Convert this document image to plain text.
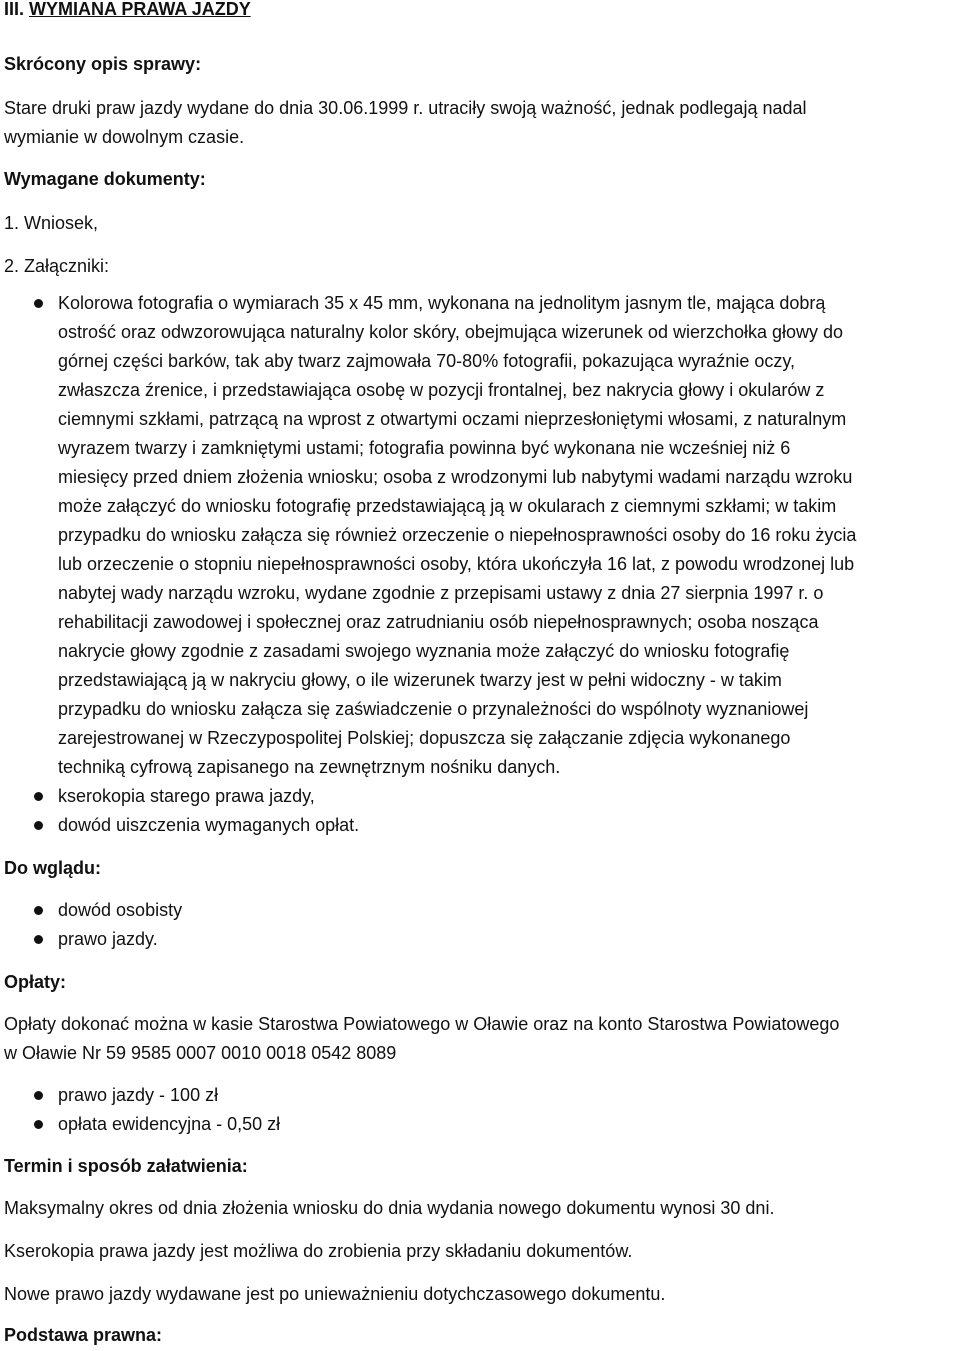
III. WYMIANA PRAWA JAZDY

Skrócony opis sprawy:

Stare druki praw jazdy wydane do dnia 30.06.1999 r. utraciły swoją ważność, jednak podlegają nadal

wymianie w dowolnym czasie.

Wymagane dokumenty:

1. Wniosek,

2. Załączniki:

Kolorowa fotografia o wymiarach 35 x 45 mm, wykonana na jednolitym jasnym tle, mająca dobrą
ostrość oraz odwzorowująca naturalny kolor skóry, obejmująca wizerunek od wierzchołka głowy do
górnej części barków, tak aby twarz zajmowała 70-80% fotografii, pokazująca wyraźnie oczy,
zwłaszcza źrenice, i przedstawiająca osobę w pozycji frontalnej, bez nakrycia głowy i okularów z
ciemnymi szkłami, patrzącą na wprost z otwartymi oczami nieprzesłoniętymi włosami, z naturalnym
wyrazem twarzy i zamkniętymi ustami; fotografia powinna być wykonana nie wcześniej niż 6
miesięcy przed dniem złożenia wniosku; osoba z wrodzonymi lub nabytymi wadami narządu wzroku
może załączyć do wniosku fotografię przedstawiającą ją w okularach z ciemnymi szkłami; w takim
przypadku do wniosku załącza się również orzeczenie o niepełnosprawności osoby do 16 roku życia
lub orzeczenie o stopniu niepełnosprawności osoby, która ukończyła 16 lat, z powodu wrodzonej lub
nabytej wady narządu wzroku, wydane zgodnie z przepisami ustawy z dnia 27 sierpnia 1997 r. o
rehabilitacji zawodowej i społecznej oraz zatrudnianiu osób niepełnosprawnych; osoba nosząca
nakrycie głowy zgodnie z zasadami swojego wyznania może załączyć do wniosku fotografię
przedstawiającą ją w nakryciu głowy, o ile wizerunek twarzy jest w pełni widoczny - w takim
przypadku do wniosku załącza się zaświadczenie o przynależności do wspólnoty wyznaniowej
zarejestrowanej w Rzeczypospolitej Polskiej; dopuszcza się załączanie zdjęcia wykonanego
techniką cyfrową zapisanego na zewnętrznym nośniku danych.
kserokopia starego prawa jazdy,
dowód uiszczenia wymaganych opłat.

Do wglądu:

dowód osobisty
prawo jazdy.

Opłaty:

Opłaty dokonać można w kasie Starostwa Powiatowego w Oławie oraz na konto Starostwa Powiatowego

w Oławie Nr 59 9585 0007 0010 0018 0542 8089

prawo jazdy - 100 zł
opłata ewidencyjna - 0,50 zł

Termin i sposób załatwienia:

Maksymalny okres od dnia złożenia wniosku do dnia wydania nowego dokumentu wynosi 30 dni.

Kserokopia prawa jazdy jest możliwa do zrobienia przy składaniu dokumentów.

Nowe prawo jazdy wydawane jest po unieważnieniu dotychczasowego dokumentu.

Podstawa prawna:
